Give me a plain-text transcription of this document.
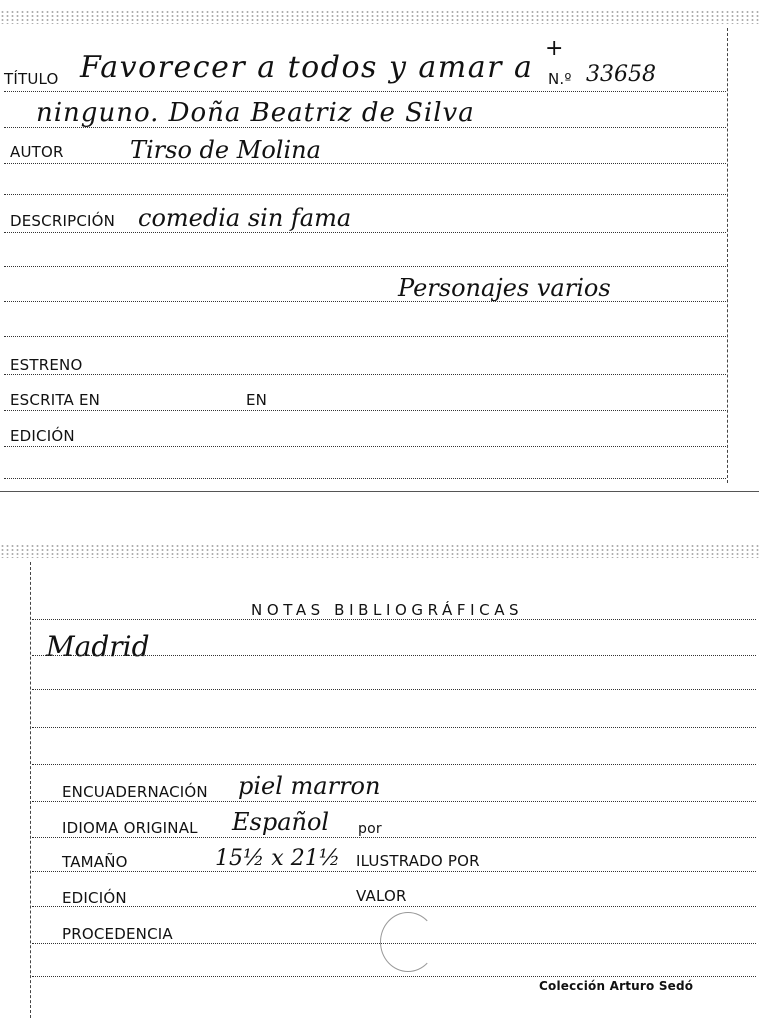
TÍTULO Favorecer a todos y amar a N.º 33658
+
ninguno. Doña Beatriz de Silva
AUTOR	Tirso de Molina
DESCRIPCIÓN comedia sin fama
Personajes varios
ESTRENO
ESCRITA EN	EN
EDICIÓN
NOTAS BIBLIOGRÁFICAS
Madrid
ENCUADERNACIÓN piel marron
IDIOMA ORIGINAL Español por
TAMAÑO	15½ x 21½ ILUSTRADO POR
EDICIÓN	VALOR
PROCEDENCIA
Colección Arturo Sedó
